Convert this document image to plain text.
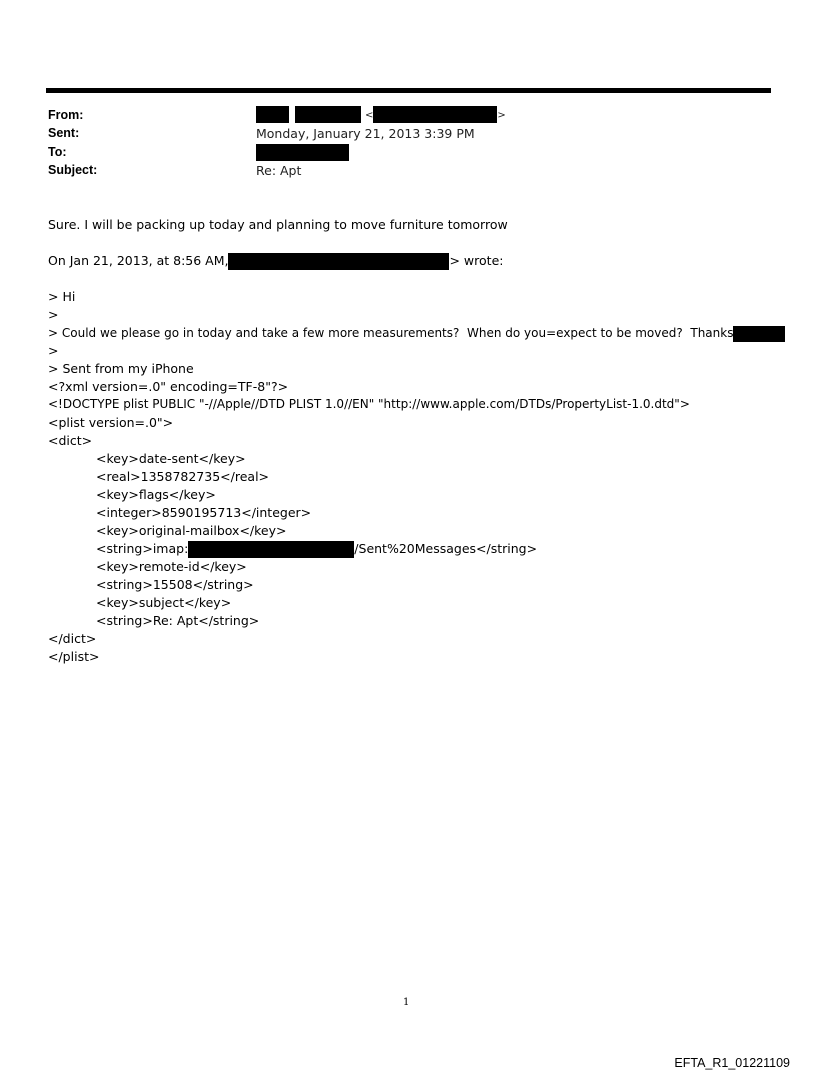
From:	<	>
Sent:	Monday, January 21, 2013 3:39 PM
To:
Subject:	Re: Apt
Sure. I will be packing up today and planning to move furniture tomorrow
On Jan 21, 2013, at 8:56 AM,	> wrote:
> Hi
>
> Could we please go in today and take a few more measurements?  When do you=expect to be moved?  Thanks
>
> Sent from my iPhone
<?xml version=.0" encoding=TF-8"?>
<!DOCTYPE plist PUBLIC "-//Apple//DTD PLIST 1.0//EN" "http://www.apple.com/DTDs/PropertyList-1.0.dtd">
<plist version=.0">
<dict>
<key>date-sent</key>
<real>1358782735</real>
<key>flags</key>
<integer>8590195713</integer>
<key>original-mailbox</key>
<string>imap:	/Sent%20Messages</string>
<key>remote-id</key>
<string>15508</string>
<key>subject</key>
<string>Re: Apt</string>
</dict>
</plist>
1
EFTA_R1_01221109
